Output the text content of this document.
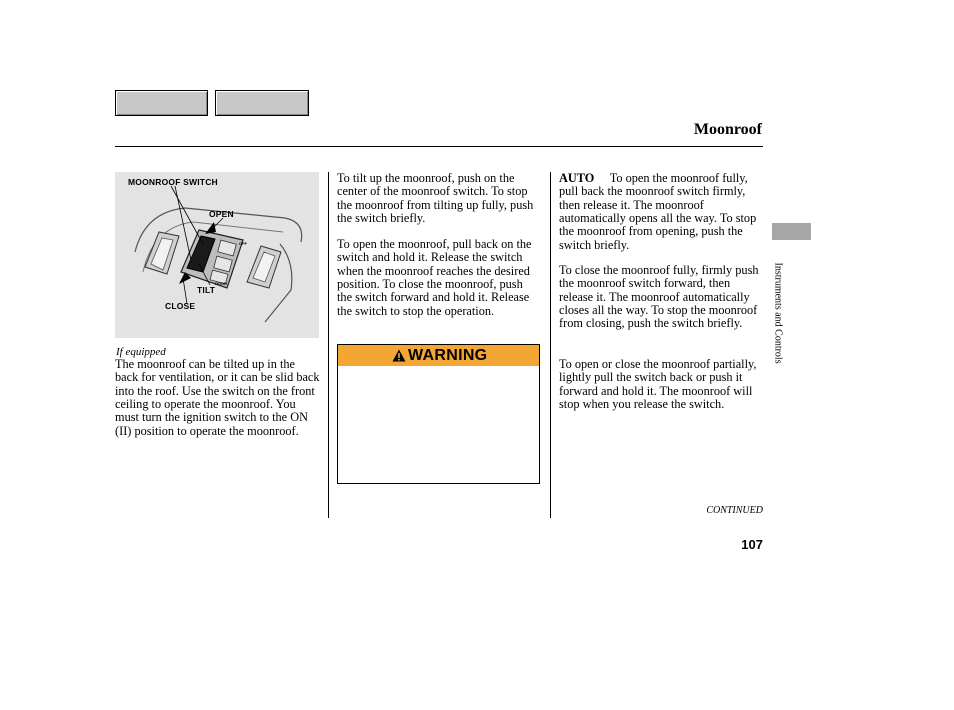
Moonroof
OFF
DOOR
MOONROOF SWITCH
OPEN
TILT
CLOSE
If equipped
The moonroof can be tilted up in the back for ventilation, or it can be slid back into the roof. Use the switch on the front ceiling to operate the moonroof. You must turn the ignition switch to the ON (II) position to operate the moonroof.
To tilt up the moonroof, push on the center of the moonroof switch. To stop the moonroof from tilting up fully, push the switch briefly.
To open the moonroof, pull back on the switch and hold it. Release the switch when the moonroof reaches the desired position. To close the moonroof, push the switch forward and hold it. Release the switch to stop the operation.
WARNING
AUTO To open the moonroof fully, pull back the moonroof switch firmly, then release it. The moonroof automatically opens all the way. To stop the moonroof from opening, push the switch briefly.
To close the moonroof fully, firmly push the moonroof switch forward, then release it. The moonroof automatically closes all the way. To stop the moonroof from closing, push the switch briefly.
To open or close the moonroof partially, lightly pull the switch back or push it forward and hold it. The moonroof will stop when you release the switch.
CONTINUED
107
Instruments and Controls
